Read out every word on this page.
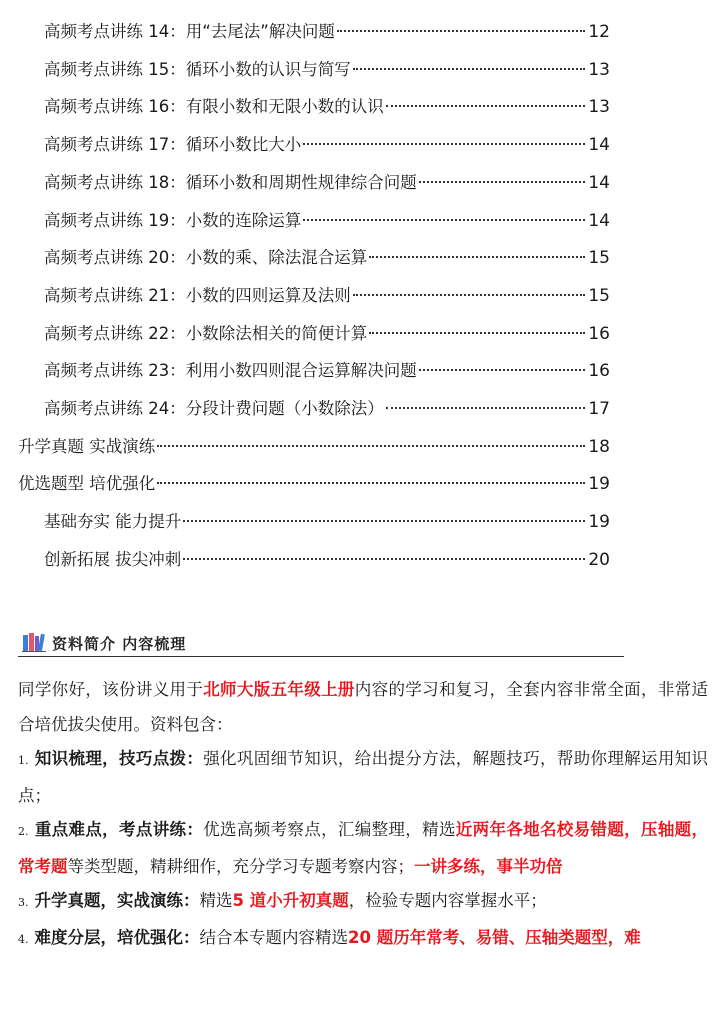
高频考点讲练 14：用“去尾法”解决问题	12
高频考点讲练 15：循环小数的认识与简写	13
高频考点讲练 16：有限小数和无限小数的认识	13
高频考点讲练 17：循环小数比大小	14
高频考点讲练 18：循环小数和周期性规律综合问题	14
高频考点讲练 19：小数的连除运算	14
高频考点讲练 20：小数的乘、除法混合运算	15
高频考点讲练 21：小数的四则运算及法则	15
高频考点讲练 22：小数除法相关的简便计算	16
高频考点讲练 23：利用小数四则混合运算解决问题	16
高频考点讲练 24：分段计费问题（小数除法）	17
升学真题 实战演练	18
优选题型 培优强化	19
基础夯实 能力提升	19
创新拓展 拔尖冲刺	20
资料简介 内容梳理

同学你好，该份讲义用于北师大版五年级上册内容的学习和复习，全套内容非常全面，非常适合培优拔尖使用。资料包含：

1. 知识梳理，技巧点拨：强化巩固细节知识，给出提分方法，解题技巧，帮助你理解运用知识点；

2. 重点难点，考点讲练：优选高频考察点，汇编整理，精选近两年各地名校易错题，压轴题，常考题等类型题，精耕细作，充分学习专题考察内容；一讲多练，事半功倍

3. 升学真题，实战演练：精选5 道小升初真题，检验专题内容掌握水平；

4. 难度分层，培优强化：结合本专题内容精选20 题历年常考、易错、压轴类题型，难
